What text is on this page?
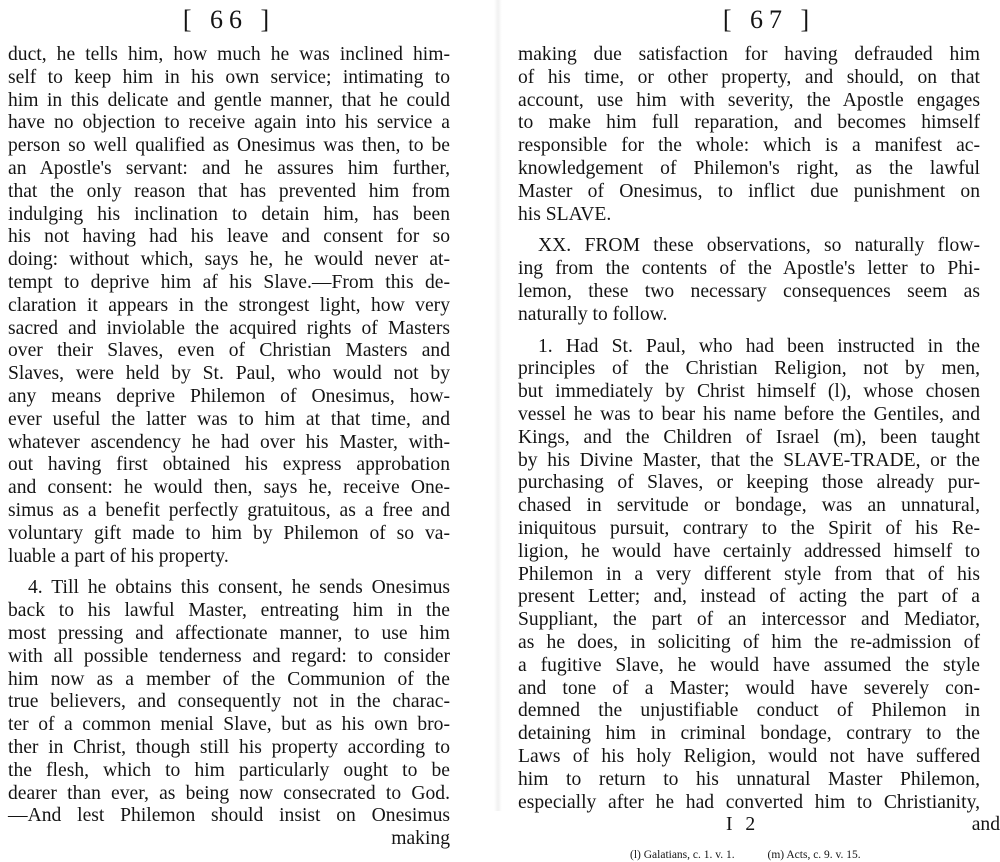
[ 66 ]
duct, he tells him, how much he was inclined him-
self to keep him in his own service; intimating to
him in this delicate and gentle manner, that he could
have no objection to receive again into his service a
person so well qualified as Onesimus was then, to be
an Apostle's servant: and he assures him further,
that the only reason that has prevented him from
indulging his inclination to detain him, has been
his not having had his leave and consent for so
doing: without which, says he, he would never at-
tempt to deprive him af his Slave.—From this de-
claration it appears in the strongest light, how very
sacred and inviolable the acquired rights of Masters
over their Slaves, even of Christian Masters and
Slaves, were held by St. Paul, who would not by
any means deprive Philemon of Onesimus, how-
ever useful the latter was to him at that time, and
whatever ascendency he had over his Master, with-
out having first obtained his express approbation
and consent: he would then, says he, receive One-
simus as a benefit perfectly gratuitous, as a free and
voluntary gift made to him by Philemon of so va-
luable a part of his property.
4. Till he obtains this consent, he sends Onesimus
back to his lawful Master, entreating him in the
most pressing and affectionate manner, to use him
with all possible tenderness and regard: to consider
him now as a member of the Communion of the
true believers, and consequently not in the charac-
ter of a common menial Slave, but as his own bro-
ther in Christ, though still his property according to
the flesh, which to him particularly ought to be
dearer than ever, as being now consecrated to God.
—And lest Philemon should insist on Onesimus
making
[ 67 ]
making due satisfaction for having defrauded him
of his time, or other property, and should, on that
account, use him with severity, the Apostle engages
to make him full reparation, and becomes himself
responsible for the whole: which is a manifest ac-
knowledgement of Philemon's right, as the lawful
Master of Onesimus, to inflict due punishment on
his SLAVE.
XX. FROM these observations, so naturally flow-
ing from the contents of the Apostle's letter to Phi-
lemon, these two necessary consequences seem as
naturally to follow.
1. Had St. Paul, who had been instructed in the
principles of the Christian Religion, not by men,
but immediately by Christ himself (l), whose chosen
vessel he was to bear his name before the Gentiles, and
Kings, and the Children of Israel (m), been taught
by his Divine Master, that the SLAVE-TRADE, or the
purchasing of Slaves, or keeping those already pur-
chased in servitude or bondage, was an unnatural,
iniquitous pursuit, contrary to the Spirit of his Re-
ligion, he would have certainly addressed himself to
Philemon in a very different style from that of his
present Letter; and, instead of acting the part of a
Suppliant, the part of an intercessor and Mediator,
as he does, in soliciting of him the re-admission of
a fugitive Slave, he would have assumed the style
and tone of a Master; would have severely con-
demned the unjustifiable conduct of Philemon in
detaining him in criminal bondage, contrary to the
Laws of his holy Religion, would not have suffered
him to return to his unnatural Master Philemon,
especially after he had converted him to Christianity,
I 2	and
(l) Galatians, c. 1. v. 1.	(m) Acts, c. 9. v. 15.
